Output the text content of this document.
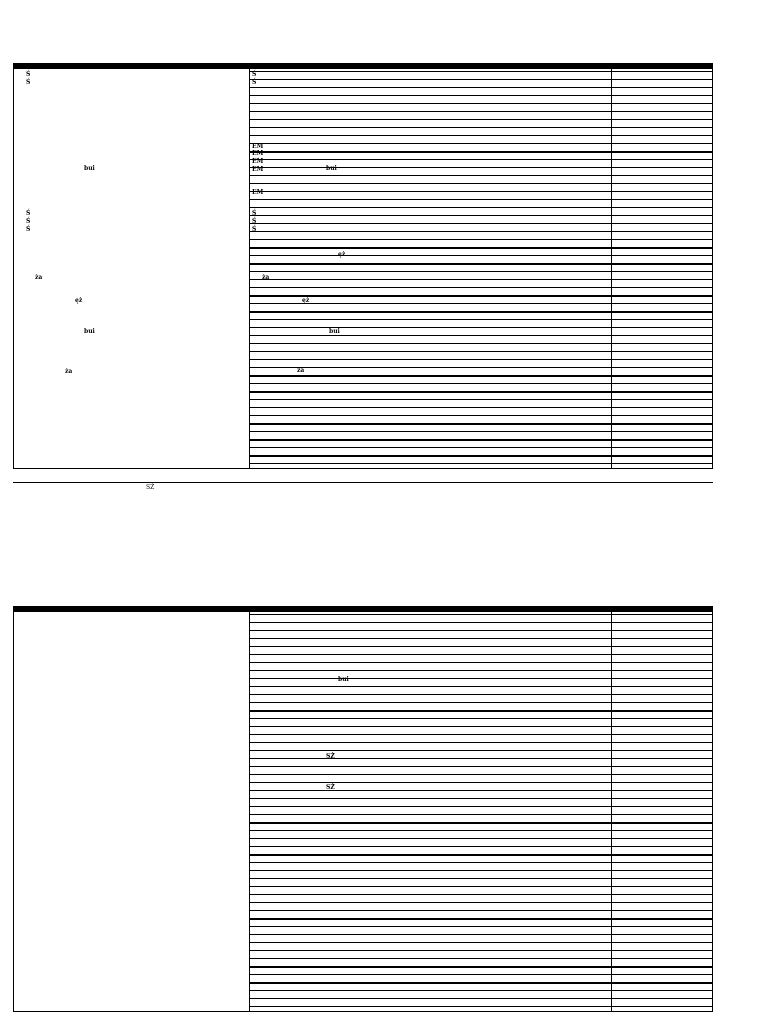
Ś
Ś
bui
Ś
Ś
Ś
ża
ęż
bui
ża
Ś
Ś
EM
EM
EM
EM	bui
EM
Ś
Ś
Ś
ęż
ża
ęż
bui
ża
SŻ
bui
SŻ
SŻ
